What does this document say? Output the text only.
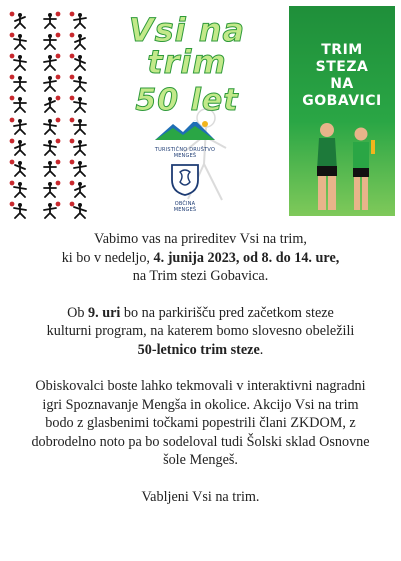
Vsi na trim
50 let
TURISTIČNO DRUŠTVO
MENGEŠ
OBČINA
MENGEŠ
TRIM
STEZA
NA
GOBAVICI

Vabimo vas na prireditev Vsi na trim,
ki bo v nedeljo, 4. junija 2023, od 8. do 14. ure,
na Trim stezi Gobavica.

Ob 9. uri bo na parkirišču pred začetkom steze
kulturni program, na katerem bomo slovesno obeležili
50-letnico trim steze.

Obiskovalci boste lahko tekmovali v interaktivni nagradni
igri Spoznavanje Mengša in okolice. Akcijo Vsi na trim
bodo z glasbenimi točkami popestrili člani ZKDOM, z
dobrodelno noto pa bo sodeloval tudi Šolski sklad Osnovne
šole Mengeš.

Vabljeni Vsi na trim.
